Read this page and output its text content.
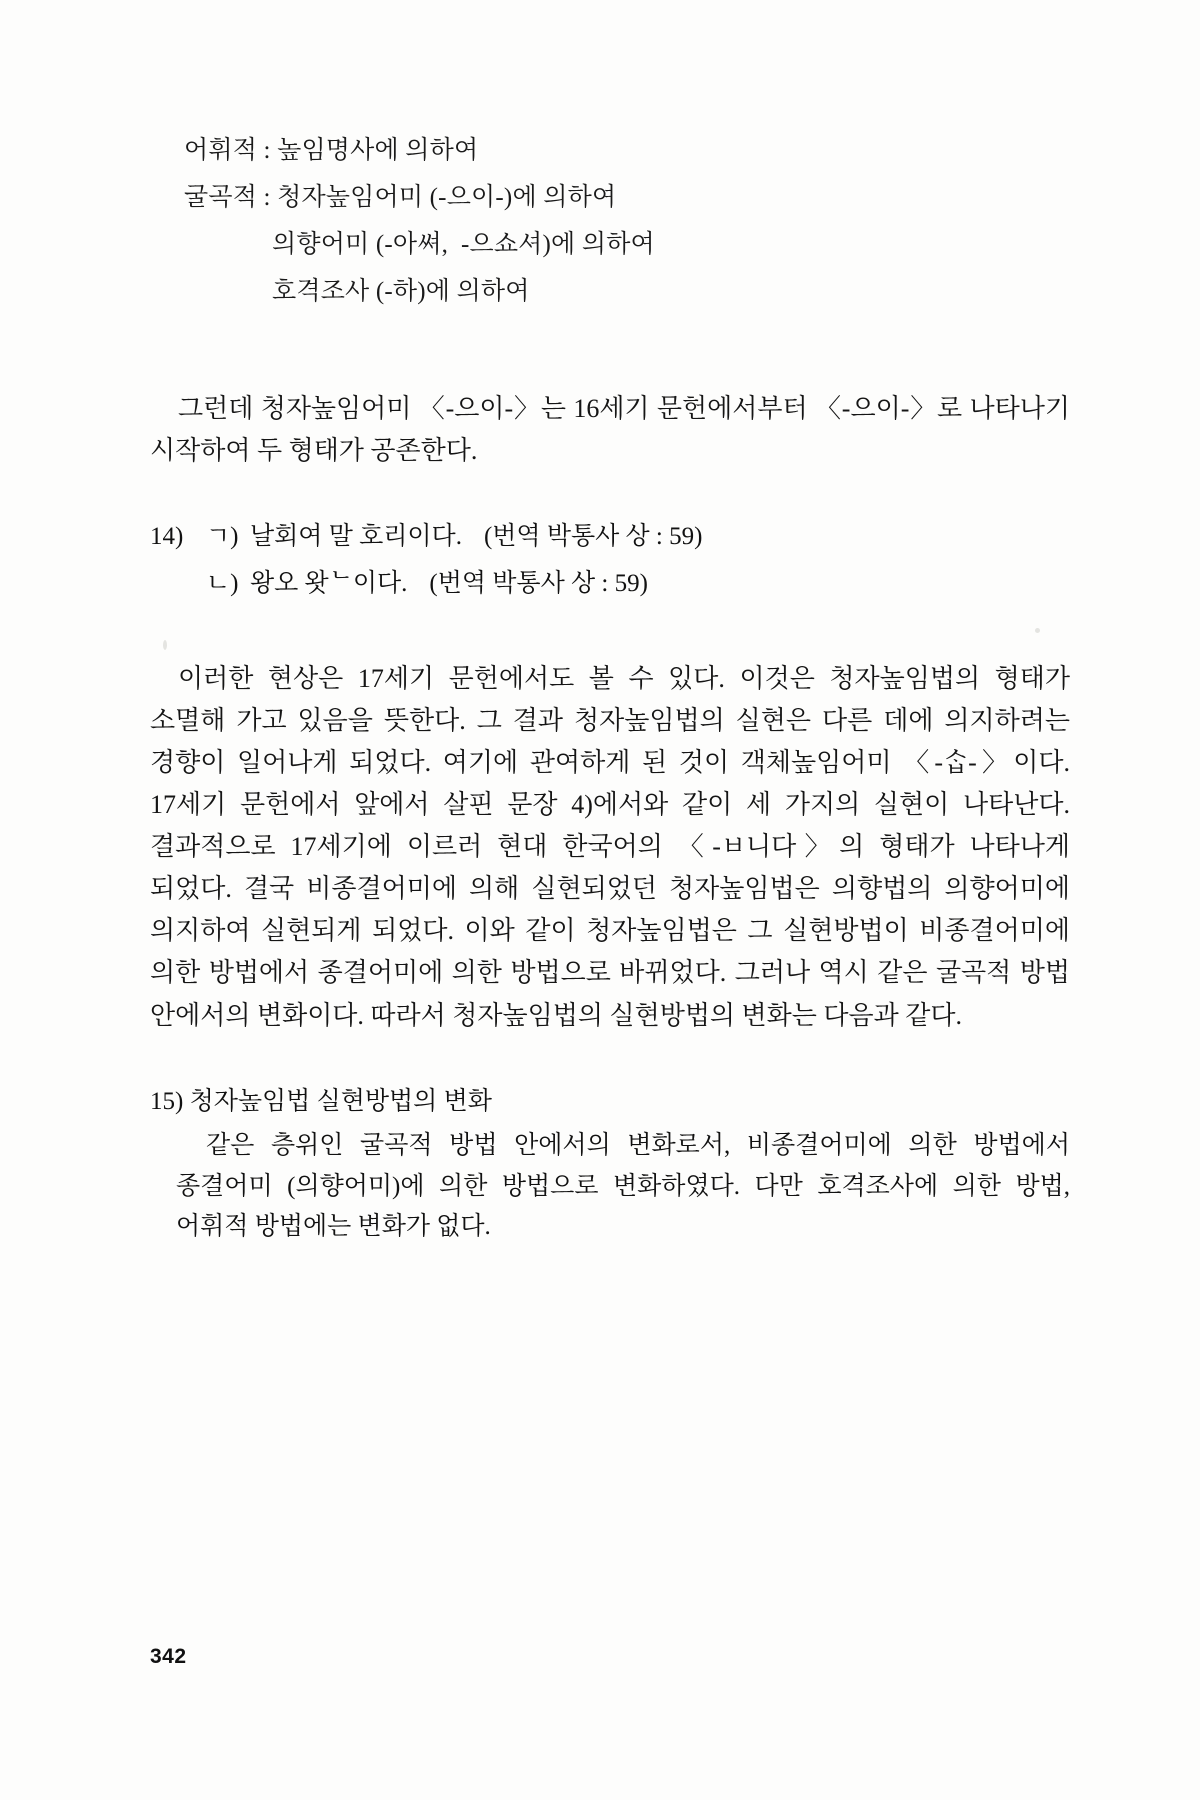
어휘적 : 높임명사에 의하여
굴곡적 : 청자높임어미 (-으이-)에 의하여
의향어미 (-아쎠,  -으쇼셔)에 의하여
호격조사 (-하)에 의하여
그런데 청자높임어미 〈-으이-〉는 16세기 문헌에서부터 〈-으이-〉로 나타나기 시작하여 두 형태가 공존한다.
14) ㄱ) 날회여 말 호리이다. (번역 박통사 상 : 59)
ㄴ) 왕오 왓ᄂ이다. (번역 박통사 상 : 59)
이러한 현상은 17세기 문헌에서도 볼 수 있다. 이것은 청자높임법의 형태가 소멸해 가고 있음을 뜻한다. 그 결과 청자높임법의 실현은 다른 데에 의지하려는 경향이 일어나게 되었다. 여기에 관여하게 된 것이 객체높임어미 〈-ᄉᆞᆸ-〉이다. 17세기 문헌에서 앞에서 살핀 문장 4)에서와 같이 세 가지의 실현이 나타난다. 결과적으로 17세기에 이르러 현대 한국어의 〈-ㅂ니다〉의 형태가 나타나게 되었다. 결국 비종결어미에 의해 실현되었던 청자높임법은 의향법의 의향어미에 의지하여 실현되게 되었다. 이와 같이 청자높임법은 그 실현방법이 비종결어미에 의한 방법에서 종결어미에 의한 방법으로 바뀌었다. 그러나 역시 같은 굴곡적 방법 안에서의 변화이다. 따라서 청자높임법의 실현방법의 변화는 다음과 같다.
15) 청자높임법 실현방법의 변화
같은 층위인 굴곡적 방법 안에서의 변화로서, 비종결어미에 의한 방법에서 종결어미 (의향어미)에 의한 방법으로 변화하였다. 다만 호격조사에 의한 방법, 어휘적 방법에는 변화가 없다.
342
